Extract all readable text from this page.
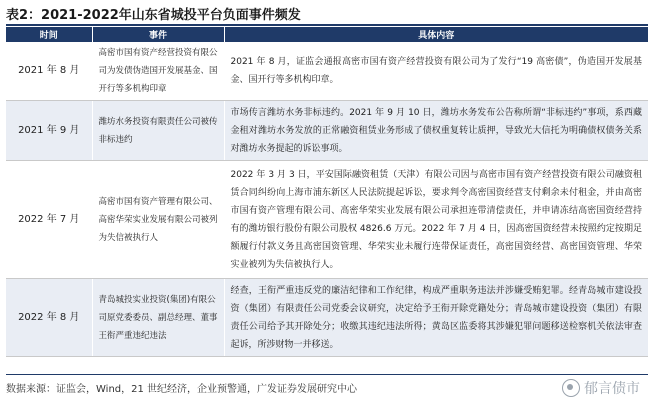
表2：2021-2022年山东省城投平台负面事件频发
时间	事件	具体内容
2021 年 8 月	高密市国有资产经营投资有限公司为发债伪造国开发展基金、国开行等多机构印章	2021 年 8 月，证监会通报高密市国有资产经营投资有限公司为了发行“19 高密债”，伪造国开发展基金、国开行等多机构印章。
2021 年 9 月	潍坊水务投资有限责任公司被传非标违约	市场传言潍坊水务非标违约。2021 年 9 月 10 日，潍坊水务发布公告称所谓“非标违约”事项，系西藏金租对潍坊水务发放的正常融资租赁业务形成了债权重复转让质押，导致光大信托为明确债权债务关系对潍坊水务提起的诉讼事项。
2022 年 7 月	高密市国有资产管理有限公司、高密华荣实业发展有限公司被列为失信被执行人	2022 年 3 月 3 日，平安国际融资租赁（天津）有限公司因与高密市国有资产经营投资有限公司融资租赁合同纠纷向上海市浦东新区人民法院提起诉讼，要求判令高密国资经营支付剩余未付租金，并由高密市国有资产管理有限公司、高密华荣实业发展有限公司承担连带清偿责任，并申请冻结高密国资经营持有的潍坊银行股份有限公司股权 4826.6 万元。2022 年 7 月 4 日，因高密国资经营未按照约定按期足额履行付款义务且高密国资管理、华荣实业未履行连带保证责任，高密国资经营、高密国资管理、华荣实业被列为失信被执行人。
2022 年 8 月	青岛城投实业投资(集团)有限公司原党委委员、副总经理、董事王衔严重违纪违法	经查，王衔严重违反党的廉洁纪律和工作纪律，构成严重职务违法并涉嫌受贿犯罪。经青岛城市建设投资（集团）有限责任公司党委会议研究，决定给予王衔开除党籍处分；青岛城市建设投资（集团）有限责任公司给予其开除处分；收缴其违纪违法所得；黄岛区监委将其涉嫌犯罪问题移送检察机关依法审查起诉，所涉财物一并移送。
数据来源：证监会，Wind，21 世纪经济，企业预警通，广发证券发展研究中心	郁言债市
